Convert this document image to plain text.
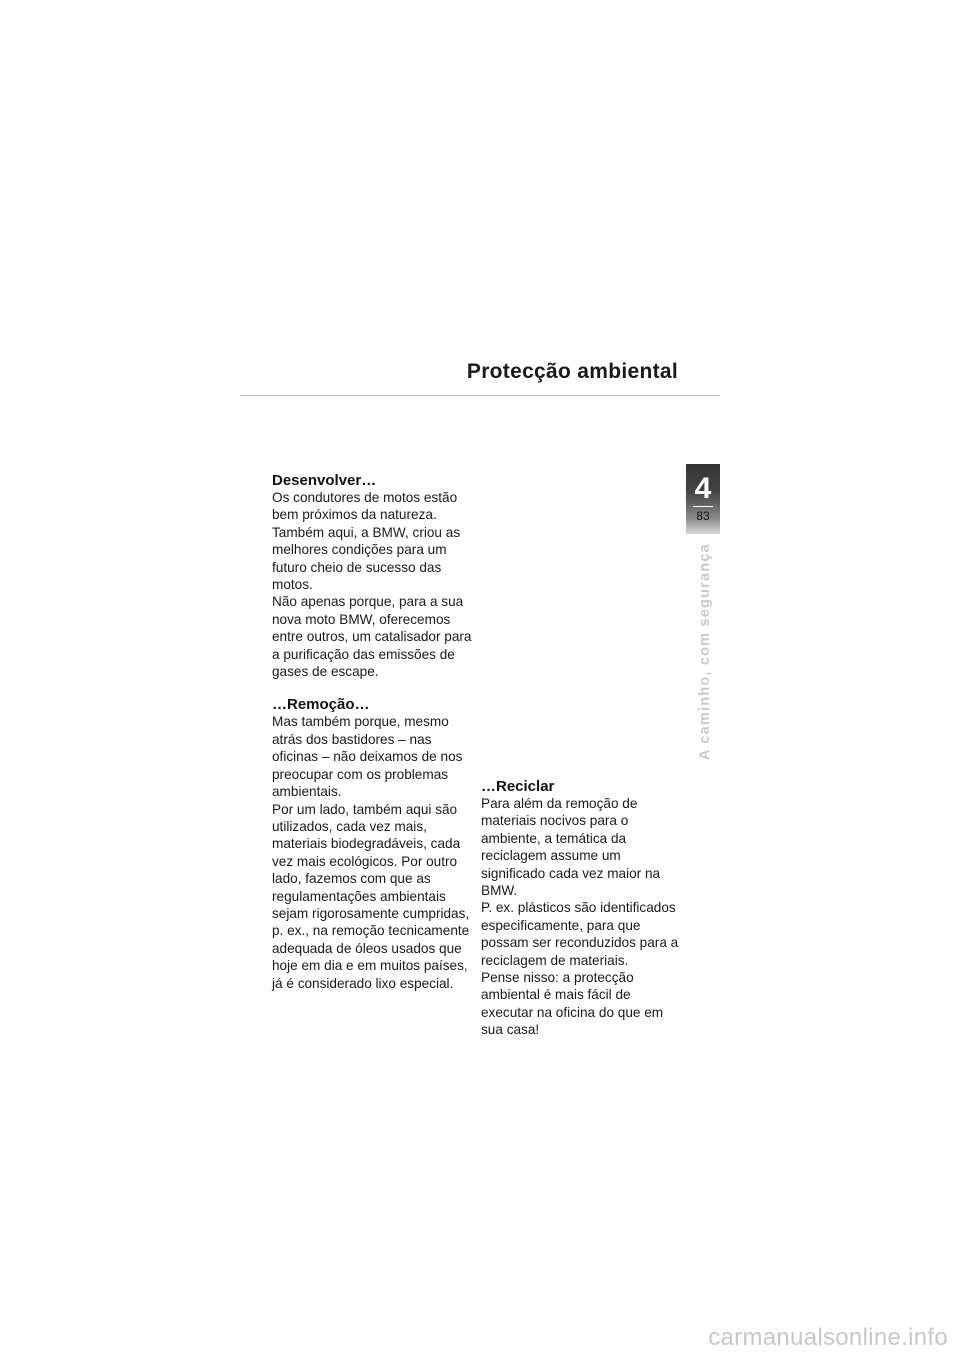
Protecção ambiental
4
83
A caminho, com segurança
Desenvolver…

Os condutores de motos estão bem próximos da natureza. Também aqui, a BMW, criou as melhores condições para um futuro cheio de sucesso das motos.

Não apenas porque, para a sua nova moto BMW, oferecemos entre outros, um catalisador para a purificação das emissões de gases de escape.

…Remoção…

Mas também porque, mesmo atrás dos bastidores – nas oficinas – não deixamos de nos preocupar com os problemas ambientais.

Por um lado, também aqui são utilizados, cada vez mais, materiais biodegradáveis, cada vez mais ecológicos. Por outro lado, fazemos com que as regulamentações ambientais sejam rigorosamente cumpridas, p. ex., na remoção tecnicamente adequada de óleos usados que hoje em dia e em muitos países, já é considerado lixo especial.

…Reciclar

Para além da remoção de materiais nocivos para o ambiente, a temática da reciclagem assume um significado cada vez maior na BMW.

P. ex. plásticos são identificados especificamente, para que possam ser reconduzidos para a reciclagem de materiais.

Pense nisso: a protecção ambiental é mais fácil de executar na oficina do que em sua casa!

carmanualsonline.info
